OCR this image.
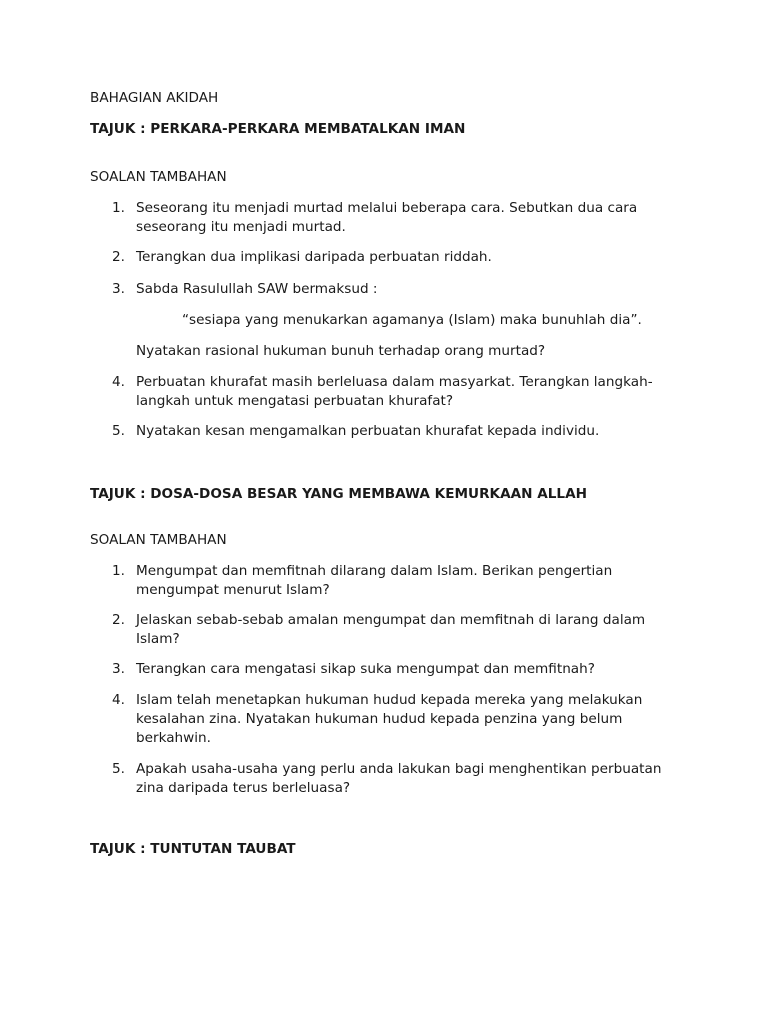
BAHAGIAN AKIDAH
TAJUK : PERKARA-PERKARA MEMBATALKAN IMAN
SOALAN TAMBAHAN
1. Seseorang itu menjadi murtad melalui beberapa cara. Sebutkan dua cara seseorang itu menjadi murtad.
2. Terangkan dua implikasi daripada perbuatan riddah.
3. Sabda Rasulullah SAW bermaksud :
“sesiapa yang menukarkan agamanya (Islam) maka bunuhlah dia”.
Nyatakan rasional hukuman bunuh terhadap orang murtad?
4. Perbuatan khurafat masih berleluasa dalam masyarkat. Terangkan langkah-langkah untuk mengatasi perbuatan khurafat?
5. Nyatakan kesan mengamalkan perbuatan khurafat kepada individu.
TAJUK : DOSA-DOSA BESAR YANG MEMBAWA KEMURKAAN ALLAH
SOALAN TAMBAHAN
1. Mengumpat dan memfitnah dilarang dalam Islam. Berikan pengertian mengumpat menurut Islam?
2. Jelaskan sebab-sebab amalan mengumpat dan memfitnah di larang dalam Islam?
3. Terangkan cara mengatasi sikap suka mengumpat dan memfitnah?
4. Islam telah menetapkan hukuman hudud kepada mereka yang melakukan kesalahan zina. Nyatakan hukuman hudud kepada penzina yang belum berkahwin.
5. Apakah usaha-usaha yang perlu anda lakukan bagi menghentikan perbuatan zina daripada terus berleluasa?
TAJUK : TUNTUTAN TAUBAT
